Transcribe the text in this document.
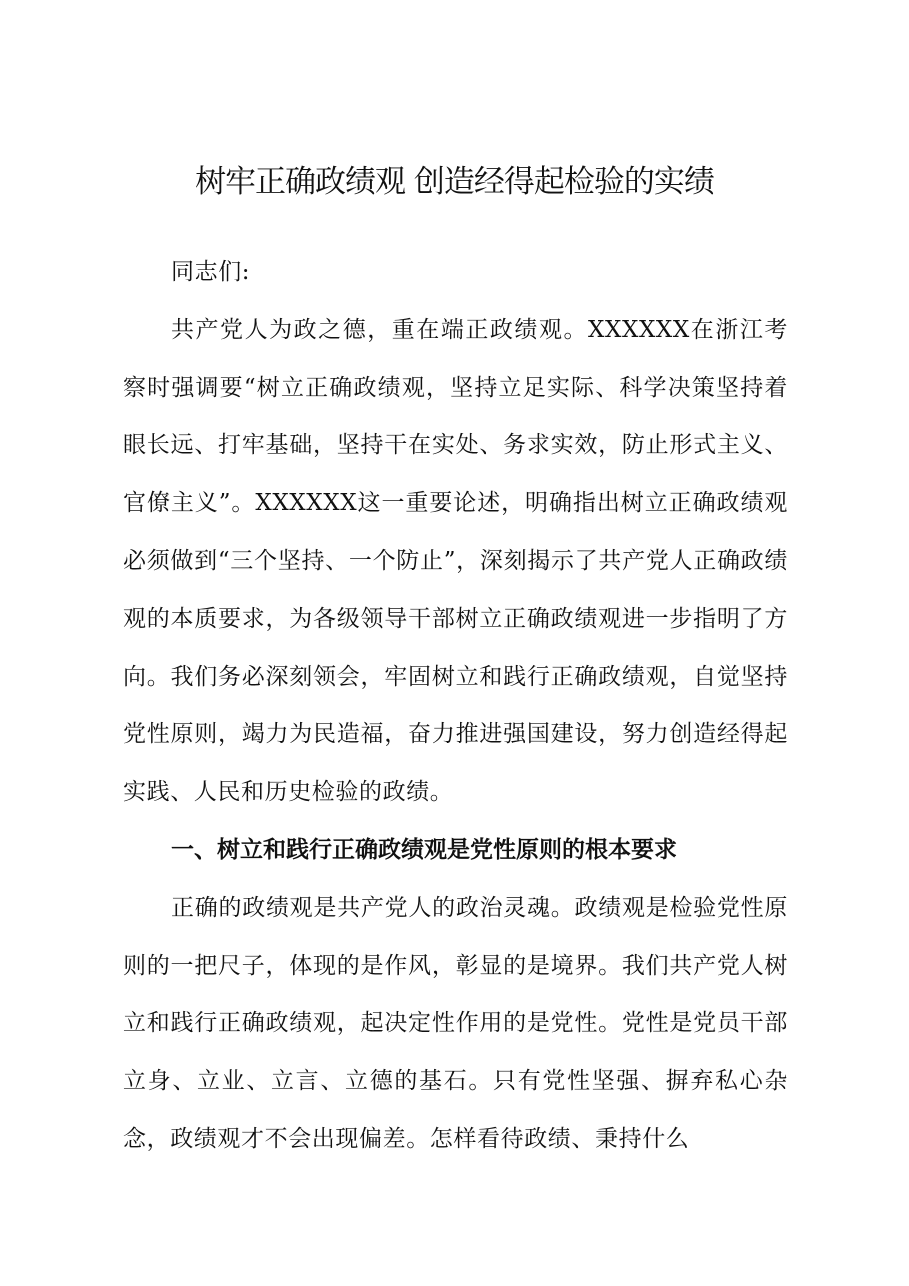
树牢正确政绩观 创造经得起检验的实绩

同志们:

共产党人为政之德，重在端正政绩观。XXXXXX在浙江考察时强调要“树立正确政绩观，坚持立足实际、科学决策坚持着眼长远、打牢基础，坚持干在实处、务求实效，防止形式主义、官僚主义”。XXXXXX这一重要论述，明确指出树立正确政绩观必须做到“三个坚持、一个防止”，深刻揭示了共产党人正确政绩观的本质要求，为各级领导干部树立正确政绩观进一步指明了方向。我们务必深刻领会，牢固树立和践行正确政绩观，自觉坚持党性原则，竭力为民造福，奋力推进强国建设，努力创造经得起实践、人民和历史检验的政绩。

一、树立和践行正确政绩观是党性原则的根本要求

正确的政绩观是共产党人的政治灵魂。政绩观是检验党性原则的一把尺子，体现的是作风，彰显的是境界。我们共产党人树立和践行正确政绩观，起决定性作用的是党性。党性是党员干部立身、立业、立言、立德的基石。只有党性坚强、摒弃私心杂念，政绩观才不会出现偏差。怎样看待政绩、秉持什么
